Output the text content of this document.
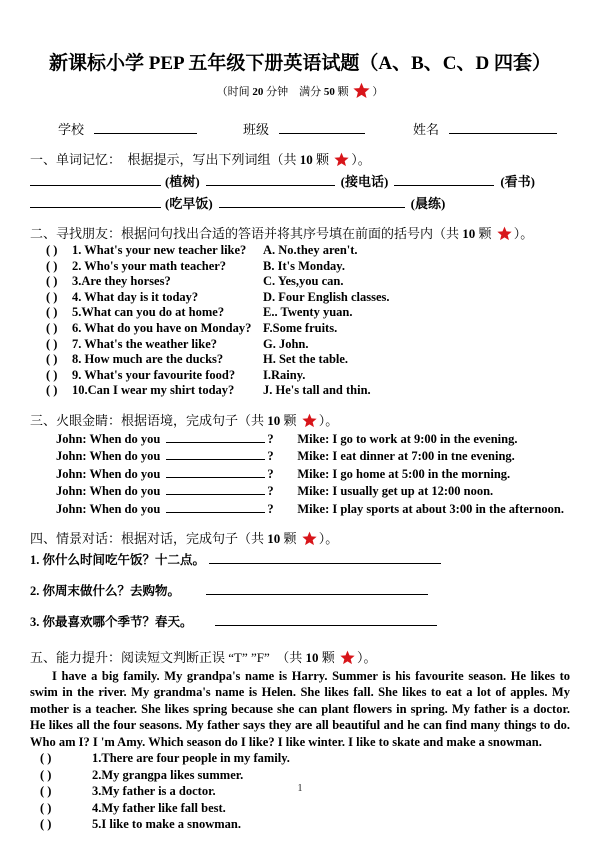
新课标小学 PEP 五年级下册英语试题（A、B、C、D 四套）
（时间 20 分钟　满分 50 颗 ）
学校	班级	姓名
一、单词记忆：　根据提示，写出下列词组（共 10 颗 ）。
(植树)	(接电话)	(看书)
(吃早饭)	(晨练)
二、寻找朋友：根据问句找出合适的答语并将其序号填在前面的括号内（共 10 颗 ）。
( )	1. What's your new teacher like?	A. No.they aren't.
( )	2. Who's your math teacher?	B. It's Monday.
( )	3.Are they horses?	C. Yes,you can.
( )	4. What day is it today?	D. Four English classes.
( )	5.What can you do at home?	E.. Twenty yuan.
( )	6. What do you have on Monday? F.Some fruits.
( )	7. What's the weather like?	G. John.
( )	8. How much are the ducks?	H. Set the table.
( )	9. What's your favourite food?	I.Rainy.
( )	10.Can I wear my shirt today?	J. He's tall and thin.
三、火眼金睛：根据语境，完成句子（共 10 颗 ）。
John: When do you	?	Mike: I go to work at 9:00 in the evening.
John: When do you	?	Mike: I eat dinner at 7:00 in tne evening.
John: When do you	?	Mike: I go home at 5:00 in the morning.
John: When do you	?	Mike: I usually get up at 12:00 noon.
John: When do you	?	Mike: I play sports at about 3:00 in the afternoon.
四、情景对话：根据对话，完成句子（共 10 颗 ）。
1. 你什么时间吃午饭？十二点。
2. 你周末做什么？去购物。
3. 你最喜欢哪个季节？春天。
五、能力提升：阅读短文判断正误 “T” ”F”　（共 10 颗 ）。
I have a big family. My grandpa's name is Harry. Summer is his favourite season. He likes to swim in the river. My grandma's name is Helen. She likes fall. She likes to eat a lot of apples. My mother is a teacher. She likes spring because she can plant flowers in spring. My father is a doctor. He likes all the four seasons. My father says they are all beautiful and he can find many things to do. Who am I? I 'm Amy. Which season do I like? I like winter. I like to skate and make a snowman.
( )	1.There are four people in my family.
( )	2.My grangpa likes summer.
( )	3.My father is a doctor.
( )	4.My father like fall best.
( )	5.I like to make a snowman.
1
